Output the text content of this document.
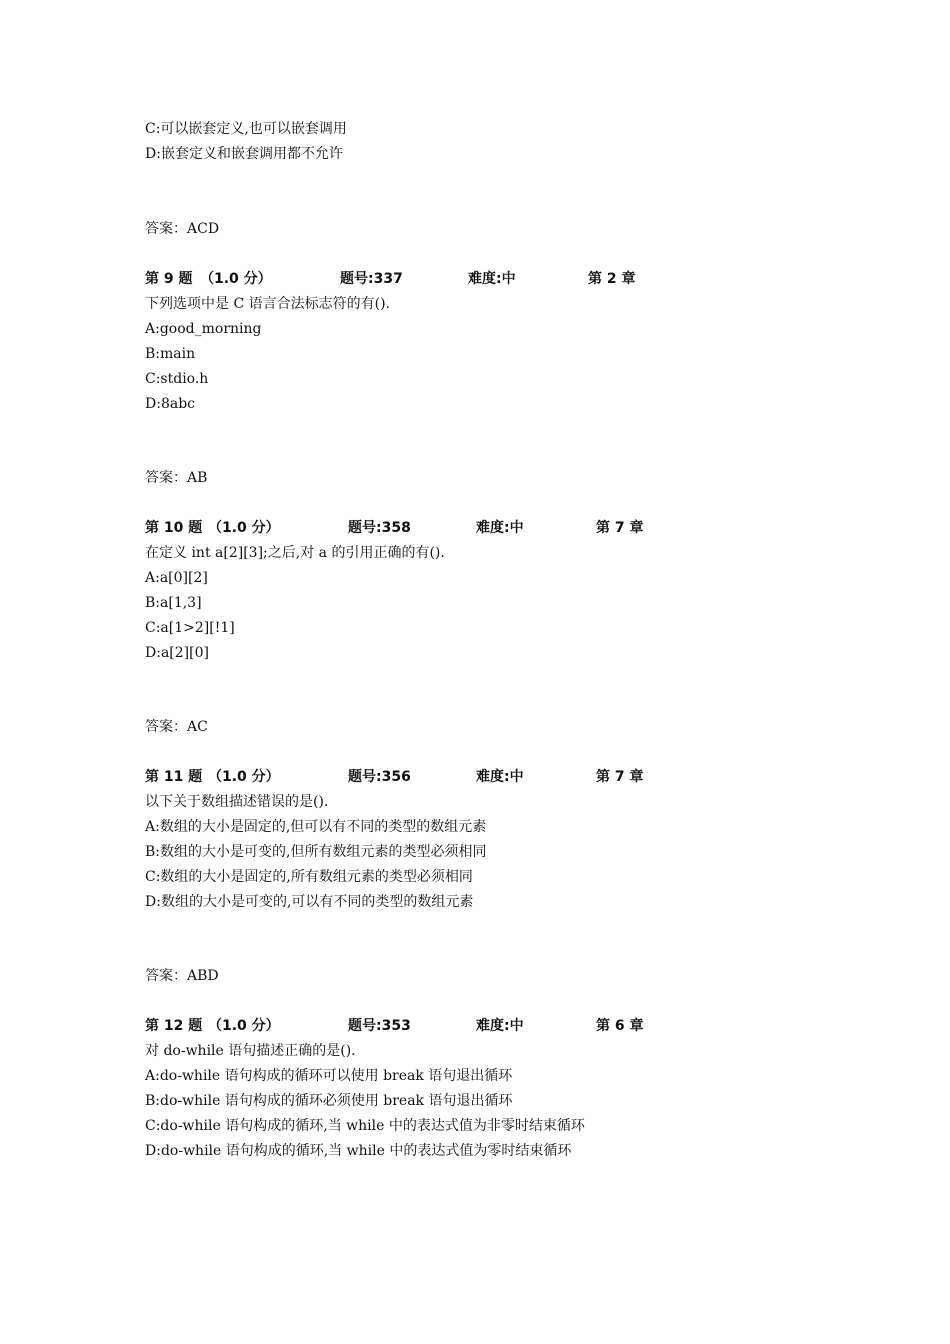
C:可以嵌套定义,也可以嵌套调用
D:嵌套定义和嵌套调用都不允许
答案：ACD
第 9 题 （1.0 分）	题号:337	难度:中	第 2 章
下列选项中是 C 语言合法标志符的有().
A:good_morning
B:main
C:stdio.h
D:8abc
答案：AB
第 10 题 （1.0 分）	题号:358	难度:中	第 7 章
在定义 int a[2][3];之后,对 a 的引用正确的有().
A:a[0][2]
B:a[1,3]
C:a[1>2][!1]
D:a[2][0]
答案：AC
第 11 题 （1.0 分）	题号:356	难度:中	第 7 章
以下关于数组描述错误的是().
A:数组的大小是固定的,但可以有不同的类型的数组元素
B:数组的大小是可变的,但所有数组元素的类型必须相同
C:数组的大小是固定的,所有数组元素的类型必须相同
D:数组的大小是可变的,可以有不同的类型的数组元素
答案：ABD
第 12 题 （1.0 分）	题号:353	难度:中	第 6 章
对 do-while 语句描述正确的是().
A:do-while 语句构成的循环可以使用 break 语句退出循环
B:do-while 语句构成的循环必须使用 break 语句退出循环
C:do-while 语句构成的循环,当 while 中的表达式值为非零时结束循环
D:do-while 语句构成的循环,当 while 中的表达式值为零时结束循环
